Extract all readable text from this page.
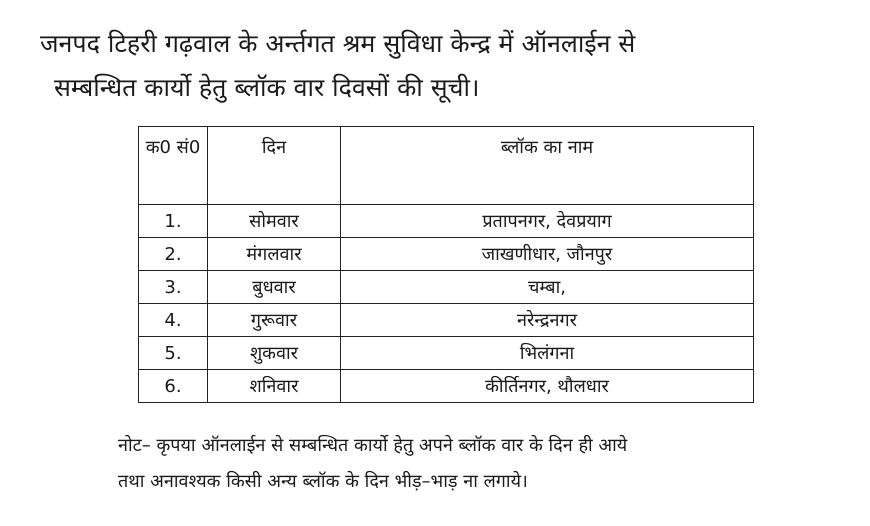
जनपद टिहरी गढ़वाल के अर्न्तगत श्रम सुविधा केन्द्र में ऑनलाईन से
सम्बन्धित कार्यो हेतु ब्लॉक वार दिवसों की सूची।
क0 सं0	दिन	ब्लॉक का नाम
1.	सोमवार	प्रतापनगर, देवप्रयाग
2.	मंगलवार	जाखणीधार, जौनपुर
3.	बुधवार	चम्बा,
4.	गुरूवार	नरेन्द्रनगर
5.	शुकवार	भिलंगना
6.	शनिवार	कीर्तिनगर, थौलधार

नोट– कृपया ऑनलाईन से सम्बन्धित कार्यो हेतु अपने ब्लॉक वार के दिन ही आये
तथा अनावश्यक किसी अन्य ब्लॉक के दिन भीड़–भाड़ ना लगाये।
